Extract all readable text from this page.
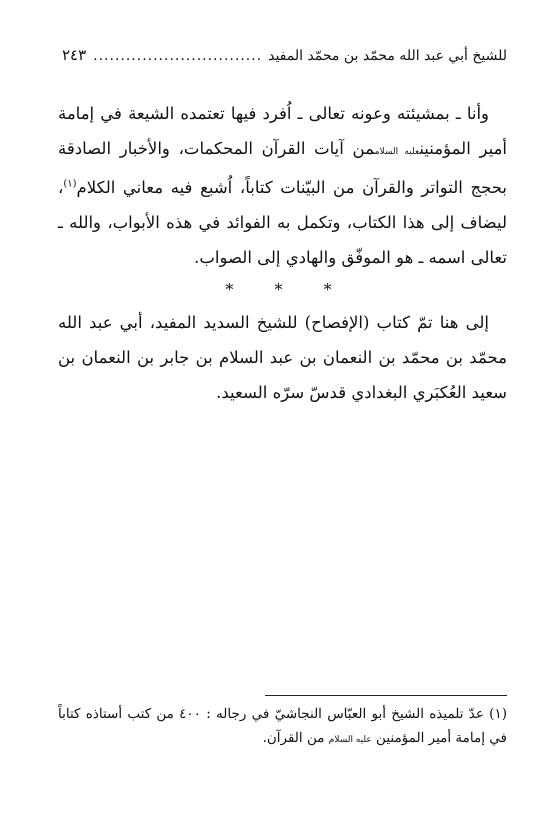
للشيخ أبي عبد الله محمّد بن محمّد المفيد
.....
٢٤٣

وأنا ـ بمشيئته وعونه تعالى ـ اُفرد فيها تعتمده الشيعة في إمامة أمير المؤمنينعليه السلاممن آيات القرآن المحكمات، والأخبار الصادقة بحجج التواتر والقرآن من البيّنات كتاباً، اُشبع فيه معاني الكلام$^{(١)}$، ليضاف إلى هذا الكتاب، وتكمل به الفوائد في هذه الأبواب، والله ـ تعالى اسمه ـ هو الموفّق والهادي إلى الصواب.

*	*	*

إلى هنا تمّ كتاب (الإفصاح) للشيخ السديد المفيد، أبي عبد الله محمّد بن محمّد بن النعمان بن عبد السلام بن جابر بن النعمان بن سعيد العُكبَري البغدادي قدسّ سرّه السعيد.

(١) عدّ تلميذه الشيخ أبو العبّاس النجاشيّ في رجاله : ٤٠٠ من كتب أستاذه كتاباً في إمامة أمير المؤمنين عليه السلام من القرآن.
